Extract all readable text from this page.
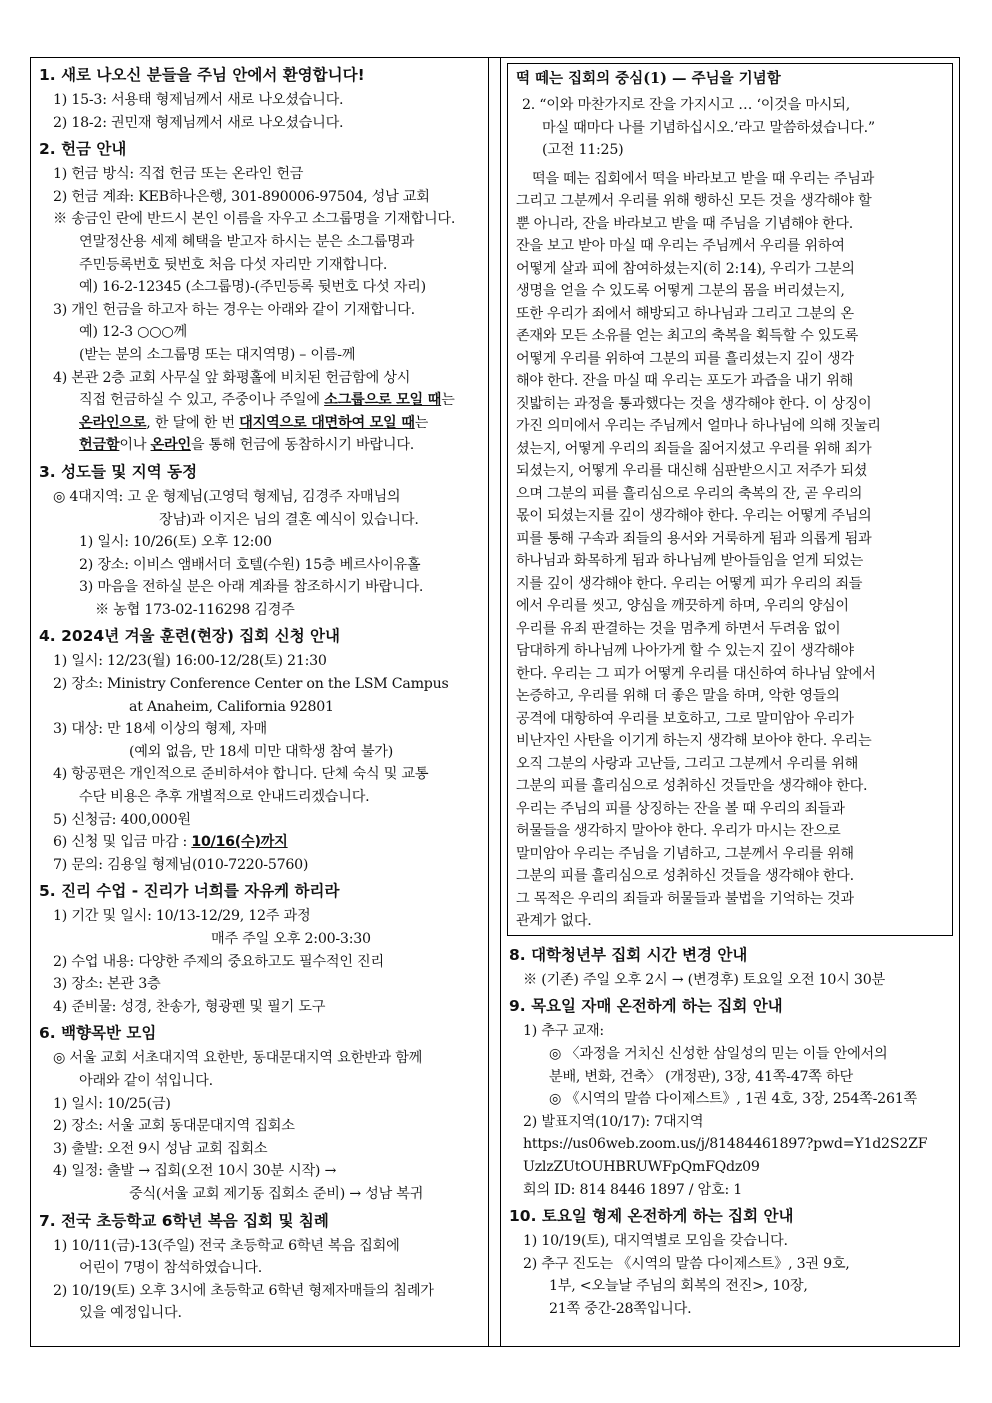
1. 새로 나오신 분들을 주님 안에서 환영합니다!

1) 15-3: 서용태 형제님께서 새로 나오셨습니다.

2) 18-2: 권민재 형제님께서 새로 나오셨습니다.

2. 헌금 안내

1) 헌금 방식: 직접 헌금 또는 온라인 헌금

2) 헌금 계좌: KEB하나은행, 301-890006-97504, 성남 교회

※ 송금인 란에 반드시 본인 이름을 자우고 소그룹명을 기재합니다.

연말정산용 세제 혜택을 받고자 하시는 분은 소그룹명과

주민등록번호 뒷번호 처음 다섯 자리만 기재합니다.

예) 16-2-12345 (소그룹명)-(주민등록 뒷번호 다섯 자리)

3) 개인 헌금을 하고자 하는 경우는 아래와 같이 기재합니다.

예) 12-3 ○○○께

(받는 분의 소그룹명 또는 대지역명) – 이름-께

4) 본관 2층 교회 사무실 앞 화평홀에 비치된 헌금함에 상시

직접 헌금하실 수 있고, 주중이나 주일에 소그룹으로 모일 때는

온라인으로, 한 달에 한 번 대지역으로 대면하여 모일 때는

헌금함이나 온라인을 통해 헌금에 동참하시기 바랍니다.

3. 성도들 및 지역 동정

◎ 4대지역: 고 운 형제님(고영덕 형제님, 김경주 자매님의

장남)과 이지은 님의 결혼 예식이 있습니다.

1) 일시: 10/26(토) 오후 12:00

2) 장소: 이비스 앰배서더 호텔(수원) 15층 베르사이유홀

3) 마음을 전하실 분은 아래 계좌를 참조하시기 바랍니다.

※ 농협 173-02-116298 김경주

4. 2024년 겨울 훈련(현장) 집회 신청 안내

1) 일시: 12/23(월) 16:00-12/28(토) 21:30

2) 장소: Ministry Conference Center on the LSM Campus

at Anaheim, California 92801

3) 대상: 만 18세 이상의 형제, 자매

(예외 없음, 만 18세 미만 대학생 참여 불가)

4) 항공편은 개인적으로 준비하셔야 합니다. 단체 숙식 및 교통

수단 비용은 추후 개별적으로 안내드리겠습니다.

5) 신청금: 400,000원

6) 신청 및 입금 마감 : 10/16(수)까지

7) 문의: 김용일 형제님(010-7220-5760)

5. 진리 수업 - 진리가 너희를 자유케 하리라

1) 기간 및 일시: 10/13-12/29, 12주 과정

매주 주일 오후 2:00-3:30

2) 수업 내용: 다양한 주제의 중요하고도 필수적인 진리

3) 장소: 본관 3층

4) 준비물: 성경, 찬송가, 형광펜 및 필기 도구

6. 백향목반 모임

◎ 서울 교회 서초대지역 요한반, 동대문대지역 요한반과 함께

아래와 같이 섞입니다.

1) 일시: 10/25(금)

2) 장소: 서울 교회 동대문대지역 집회소

3) 출발: 오전 9시 성남 교회 집회소

4) 일정: 출발 → 집회(오전 10시 30분 시작) →

중식(서울 교회 제기동 집회소 준비) → 성남 복귀

7. 전국 초등학교 6학년 복음 집회 및 침례

1) 10/11(금)-13(주일) 전국 초등학교 6학년 복음 집회에

어린이 7명이 참석하였습니다.

2) 10/19(토) 오후 3시에 초등학교 6학년 형제자매들의 침례가

있을 예정입니다.

떡 떼는 집회의 중심(1) — 주님을 기념함

2. “이와 마찬가지로 잔을 가지시고 … ‘이것을 마시되,

마실 때마다 나를 기념하십시오.’라고 말씀하셨습니다.”

(고전 11:25)

떡을 떼는 집회에서 떡을 바라보고 받을 때 우리는 주님과

그리고 그분께서 우리를 위해 행하신 모든 것을 생각해야 할

뿐 아니라, 잔을 바라보고 받을 때 주님을 기념해야 한다.

잔을 보고 받아 마실 때 우리는 주님께서 우리를 위하여

어떻게 살과 피에 참여하셨는지(히 2:14), 우리가 그분의

생명을 얻을 수 있도록 어떻게 그분의 몸을 버리셨는지,

또한 우리가 죄에서 해방되고 하나님과 그리고 그분의 온

존재와 모든 소유를 얻는 최고의 축복을 획득할 수 있도록

어떻게 우리를 위하여 그분의 피를 흘리셨는지 깊이 생각

해야 한다. 잔을 마실 때 우리는 포도가 과즙을 내기 위해

짓밟히는 과정을 통과했다는 것을 생각해야 한다. 이 상징이

가진 의미에서 우리는 주님께서 얼마나 하나님에 의해 짓눌리

셨는지, 어떻게 우리의 죄들을 짊어지셨고 우리를 위해 죄가

되셨는지, 어떻게 우리를 대신해 심판받으시고 저주가 되셨

으며 그분의 피를 흘리심으로 우리의 축복의 잔, 곧 우리의

몫이 되셨는지를 깊이 생각해야 한다. 우리는 어떻게 주님의

피를 통해 구속과 죄들의 용서와 거룩하게 됨과 의롭게 됨과

하나님과 화목하게 됨과 하나님께 받아들임을 얻게 되었는

지를 깊이 생각해야 한다. 우리는 어떻게 피가 우리의 죄들

에서 우리를 씻고, 양심을 깨끗하게 하며, 우리의 양심이

우리를 유죄 판결하는 것을 멈추게 하면서 두려움 없이

담대하게 하나님께 나아가게 할 수 있는지 깊이 생각해야

한다. 우리는 그 피가 어떻게 우리를 대신하여 하나님 앞에서

논증하고, 우리를 위해 더 좋은 말을 하며, 악한 영들의

공격에 대항하여 우리를 보호하고, 그로 말미암아 우리가

비난자인 사탄을 이기게 하는지 생각해 보아야 한다. 우리는

오직 그분의 사랑과 고난들, 그리고 그분께서 우리를 위해

그분의 피를 흘리심으로 성취하신 것들만을 생각해야 한다.

우리는 주님의 피를 상징하는 잔을 볼 때 우리의 죄들과

허물들을 생각하지 말아야 한다. 우리가 마시는 잔으로

말미암아 우리는 주님을 기념하고, 그분께서 우리를 위해

그분의 피를 흘리심으로 성취하신 것들을 생각해야 한다.

그 목적은 우리의 죄들과 허물들과 불법을 기억하는 것과

관계가 없다.

8. 대학청년부 집회 시간 변경 안내

※ (기존) 주일 오후 2시 → (변경후) 토요일 오전 10시 30분

9. 목요일 자매 온전하게 하는 집회 안내

1) 추구 교재:

◎ 〈과정을 거치신 신성한 삼일성의 믿는 이들 안에서의

분배, 변화, 건축〉 (개정판), 3장, 41쪽-47쪽 하단

◎ 《시역의 말씀 다이제스트》, 1권 4호, 3장, 254쪽-261쪽

2) 발표지역(10/17): 7대지역

https://us06web.zoom.us/j/81484461897?pwd=Y1d2S2ZF

UzlzZUtOUHBRUWFpQmFQdz09

회의 ID: 814 8446 1897 / 암호: 1

10. 토요일 형제 온전하게 하는 집회 안내

1) 10/19(토), 대지역별로 모임을 갖습니다.

2) 추구 진도는 《시역의 말씀 다이제스트》, 3권 9호,

1부, <오늘날 주님의 회복의 전진>, 10장,

21쪽 중간-28쪽입니다.
